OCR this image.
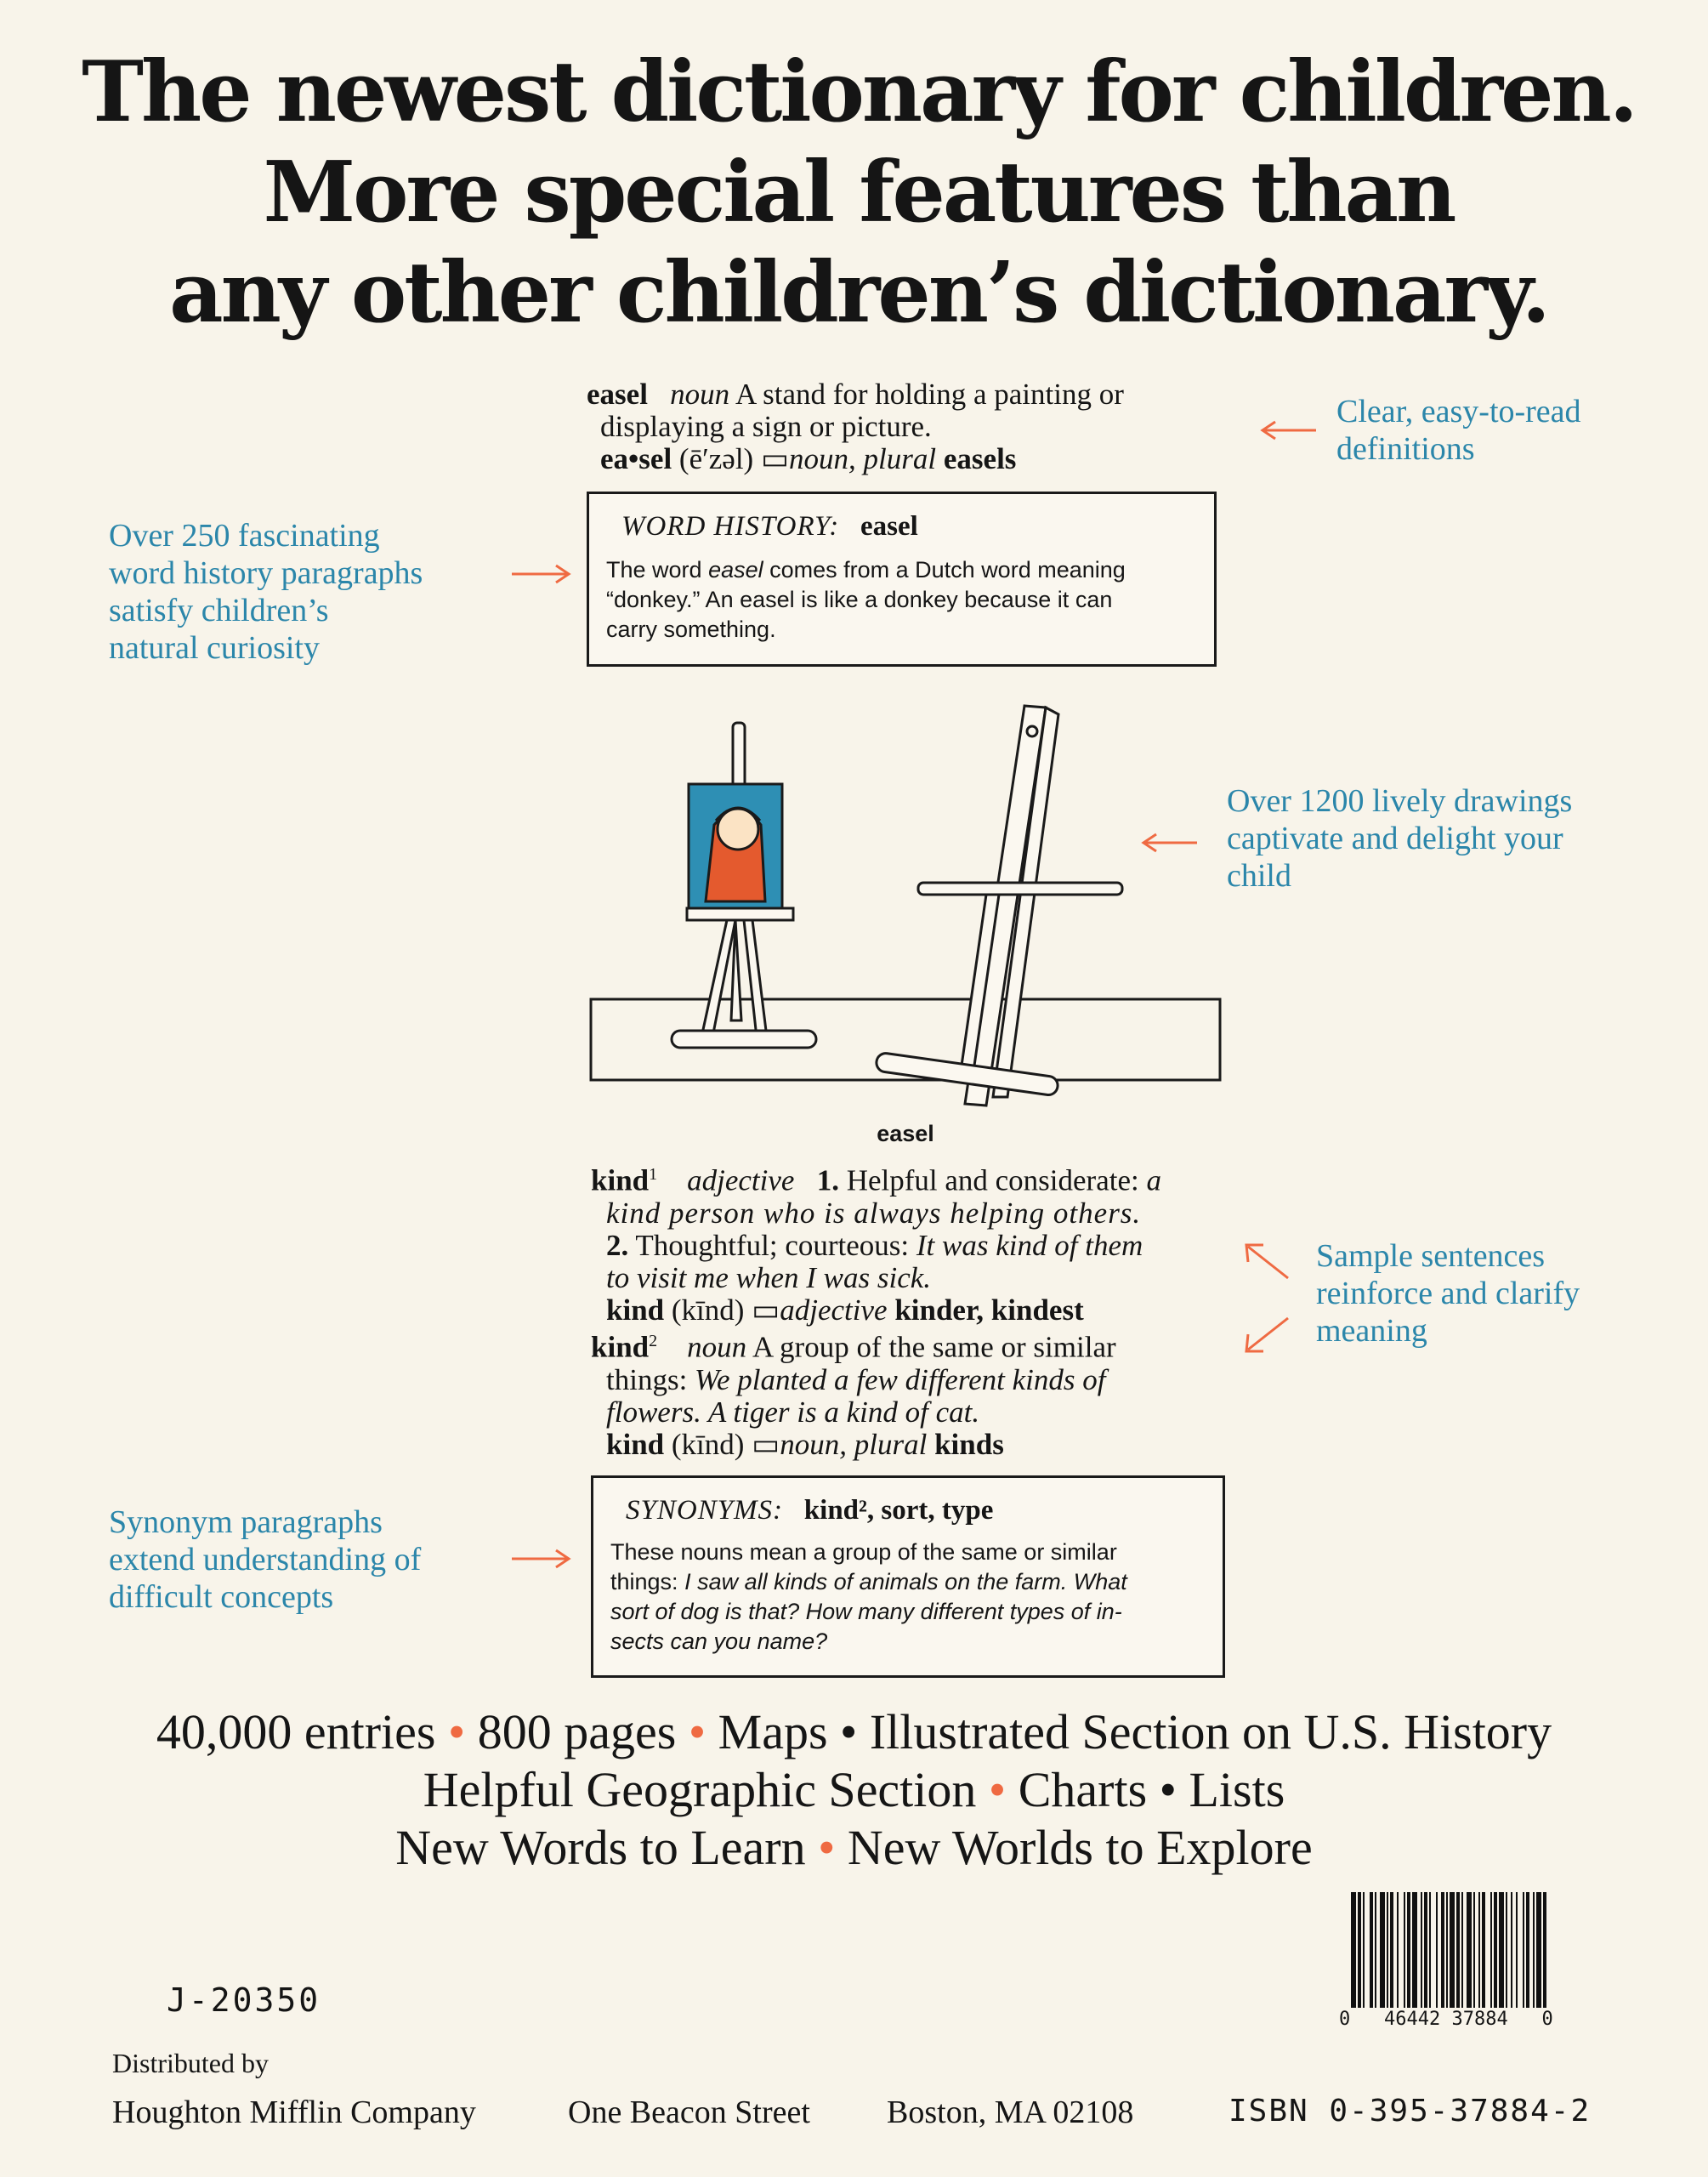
The newest dictionary for children.
More special features than
any other children’s dictionary.
easel noun A stand for holding a painting or
displaying a sign or picture.
ea•sel (ē′zəl) ▭noun, plural easels
Clear, easy-to-read
definitions
WORD HISTORY: easel
The word easel comes from a Dutch word meaning
“donkey.” An easel is like a donkey because it can
carry something.
Over 250 fascinating
word history paragraphs
satisfy children’s
natural curiosity
easel
Over 1200 lively drawings
captivate and delight your
child
kind$^1$ adjective 1. Helpful and considerate: a
kind person who is always helping others.
2. Thoughtful; courteous: It was kind of them
to visit me when I was sick.
kind (kīnd) ▭adjective kinder, kindest
kind$^2$ noun A group of the same or similar
things: We planted a few different kinds of
flowers. A tiger is a kind of cat.
kind (kīnd) ▭noun, plural kinds
Sample sentences
reinforce and clarify
meaning
SYNONYMS: kind², sort, type
These nouns mean a group of the same or similar
things: I saw all kinds of animals on the farm. What
sort of dog is that? How many different types of in-
sects can you name?
Synonym paragraphs
extend understanding of
difficult concepts
40,000 entries • 800 pages • Maps • Illustrated Section on U.S. History
Helpful Geographic Section • Charts • Lists
New Words to Learn • New Worlds to Explore
J-20350
0 46442 37884 0
Distributed by
Houghton Mifflin Company	One Beacon Street Boston, MA 02108	ISBN 0-395-37884-2
